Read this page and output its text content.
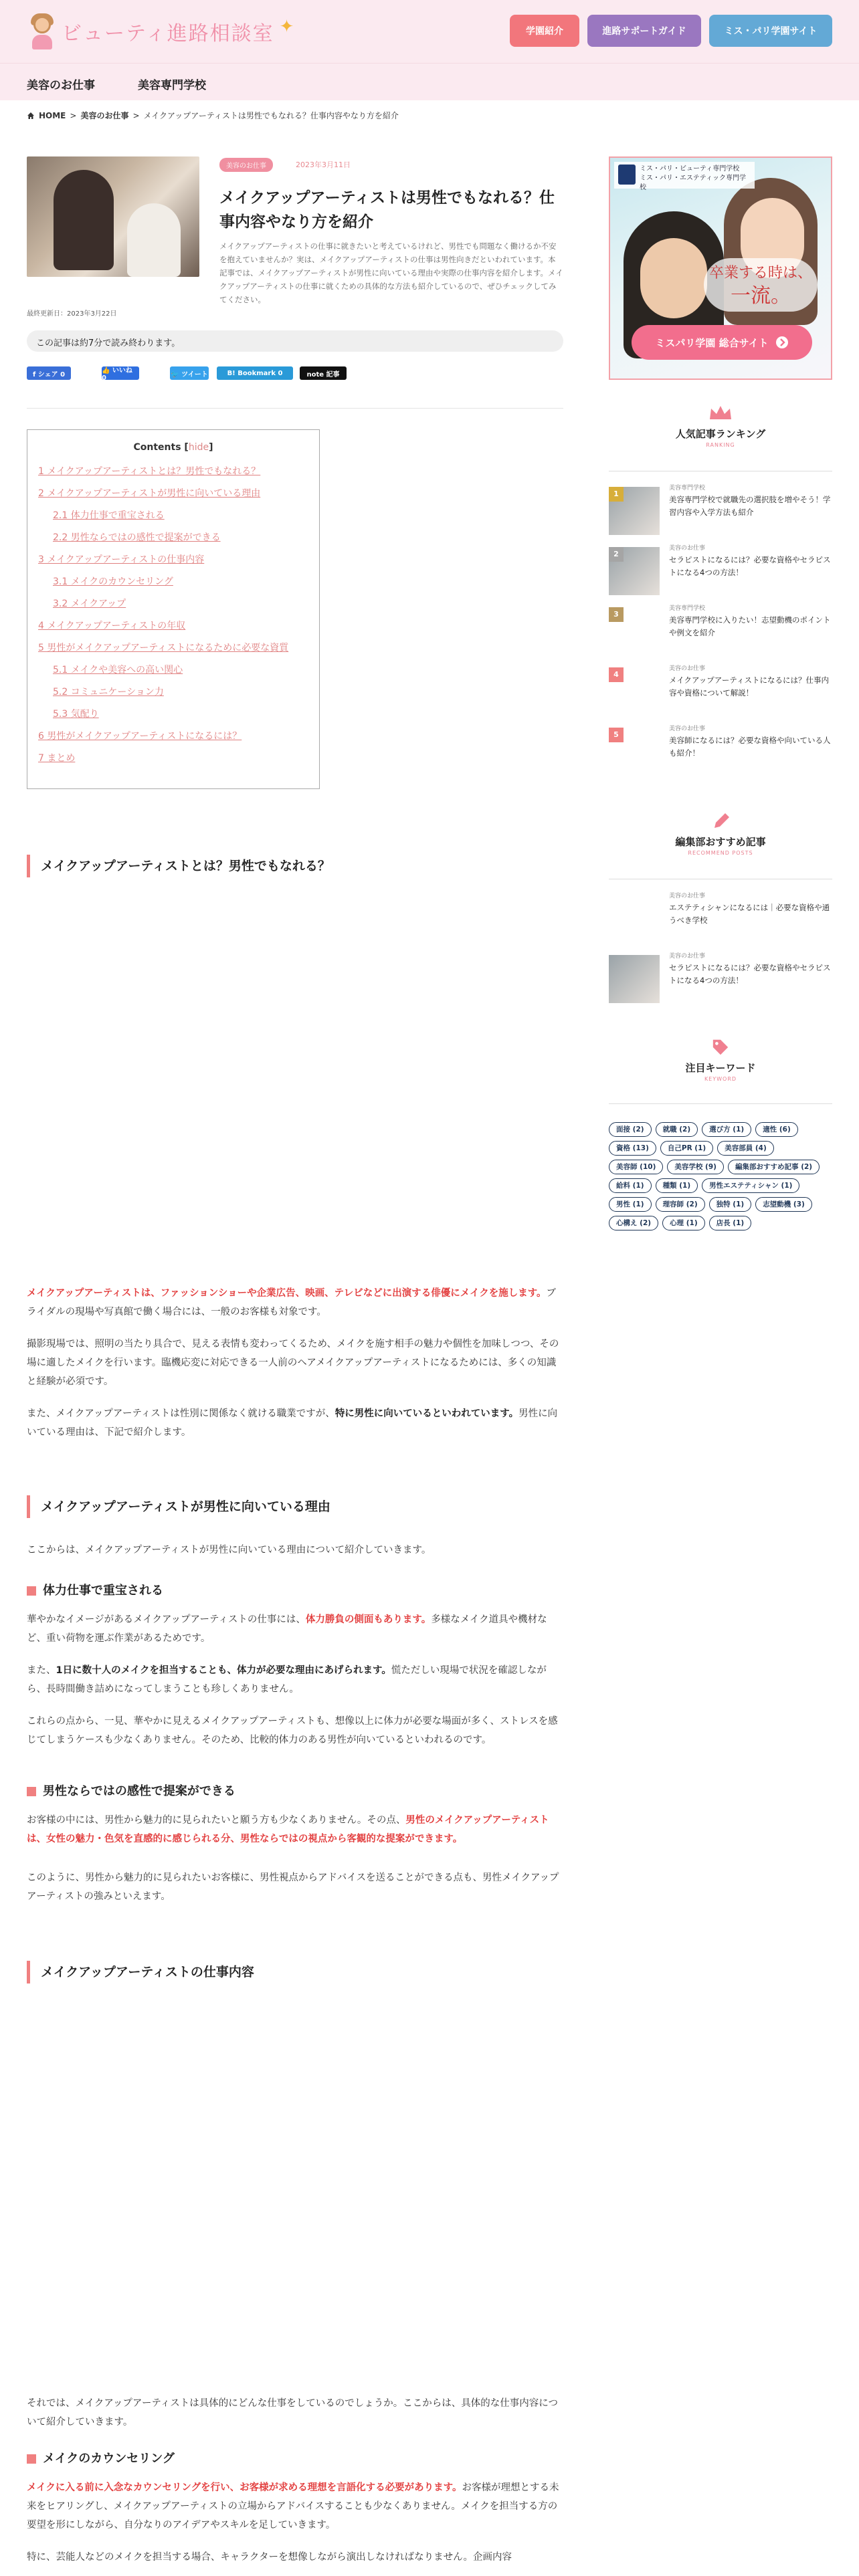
ビューティ進路相談室 ✦	学園紹介	進路サポートガイド	ミス・パリ学園サイト
美容のお仕事	美容専門学校
HOME > 美容のお仕事 > メイクアップアーティストは男性でもなれる？仕事内容やなり方を紹介
美容のお仕事	2023年3月11日
メイクアップアーティストは男性でもなれる？仕事内容やなり方を紹介

メイクアップアーティストの仕事に就きたいと考えているけれど、男性でも問題なく働けるか不安を抱えていませんか？実は、メイクアップアーティストの仕事は男性向きだといわれています。本記事では、メイクアップアーティストが男性に向いている理由や実際の仕事内容を紹介します。メイクアップアーティストの仕事に就くための具体的な方法も紹介しているので、ぜひチェックしてみてください。

最終更新日：2023年3月22日
この記事は約7分で読み終わります。
f シェア 0	👍 いいね 0	🐦 ツイート	B! Bookmark 0	note 記事
Contents [hide]
1 メイクアップアーティストとは？男性でもなれる？
2 メイクアップアーティストが男性に向いている理由
2.1 体力仕事で重宝される
2.2 男性ならではの感性で提案ができる
3 メイクアップアーティストの仕事内容
3.1 メイクのカウンセリング
3.2 メイクアップ
4 メイクアップアーティストの年収
5 男性がメイクアップアーティストになるために必要な資質
5.1 メイクや美容への高い関心
5.2 コミュニケーション力
5.3 気配り
6 男性がメイクアップアーティストになるには？
7 まとめ
メイクアップアーティストとは？男性でもなれる？

メイクアップアーティストは、ファッションショーや企業広告、映画、テレビなどに出演する俳優にメイクを施します。ブライダルの現場や写真館で働く場合には、一般のお客様も対象です。

撮影現場では、照明の当たり具合で、見える表情も変わってくるため、メイクを施す相手の魅力や個性を加味しつつ、その場に適したメイクを行います。臨機応変に対応できる一人前のヘアメイクアップアーティストになるためには、多くの知識と経験が必須です。

また、メイクアップアーティストは性別に関係なく就ける職業ですが、特に男性に向いているといわれています。男性に向いている理由は、下記で紹介します。

メイクアップアーティストが男性に向いている理由

ここからは、メイクアップアーティストが男性に向いている理由について紹介していきます。

体力仕事で重宝される

華やかなイメージがあるメイクアップアーティストの仕事には、体力勝負の側面もあります。多様なメイク道具や機材など、重い荷物を運ぶ作業があるためです。

また、1日に数十人のメイクを担当することも、体力が必要な理由にあげられます。慌ただしい現場で状況を確認しながら、長時間働き詰めになってしまうことも珍しくありません。

これらの点から、一見、華やかに見えるメイクアップアーティストも、想像以上に体力が必要な場面が多く、ストレスを感じてしまうケースも少なくありません。そのため、比較的体力のある男性が向いているといわれるのです。

男性ならではの感性で提案ができる

お客様の中には、男性から魅力的に見られたいと願う方も少なくありません。その点、男性のメイクアップアーティストは、女性の魅力・色気を直感的に感じられる分、男性ならではの視点から客観的な提案ができます。

このように、男性から魅力的に見られたいお客様に、男性視点からアドバイスを送ることができる点も、男性メイクアップアーティストの強みといえます。

メイクアップアーティストの仕事内容

それでは、メイクアップアーティストは具体的にどんな仕事をしているのでしょうか。ここからは、具体的な仕事内容について紹介していきます。

メイクのカウンセリング

メイクに入る前に入念なカウンセリングを行い、お客様が求める理想を言語化する必要があります。お客様が理想とする未来をヒアリングし、メイクアップアーティストの立場からアドバイスすることも少なくありません。メイクを担当する方の要望を形にしながら、自分なりのアイデアやスキルを足していきます。

特に、芸能人などのメイクを担当する場合、キャラクターを想像しながら演出しなければなりません。企画内容

ミス・パリ・ビューティ専門学校
ミス・パリ・エステティック専門学校
卒業する時は、
一流。
ミスパリ学園 総合サイト
人気記事ランキング
RANKING
1
美容専門学校
美容専門学校で就職先の選択肢を増やそう！学習内容や入学方法も紹介
2
美容のお仕事
セラピストになるには？必要な資格やセラピストになる4つの方法！
3
美容専門学校
美容専門学校に入りたい！志望動機のポイントや例文を紹介
4
美容のお仕事
メイクアップアーティストになるには？仕事内容や資格について解説！
5
美容のお仕事
美容師になるには？必要な資格や向いている人も紹介！
編集部おすすめ記事
RECOMMEND POSTS
美容のお仕事
エステティシャンになるには｜必要な資格や通うべき学校
美容のお仕事
セラピストになるには？必要な資格やセラピストになる4つの方法！
注目キーワード
KEYWORD
面接 (2)	就職 (2)	選び方 (1)	適性 (6)
資格 (13)	自己PR (1)	美容部員 (4)
美容師 (10)	美容学校 (9)	編集部おすすめ記事 (2)
給料 (1)	種類 (1)	男性エステティシャン (1)
男性 (1)	理容師 (2)	独特 (1)	志望動機 (3)
心構え (2)	心理 (1)	店長 (1)
